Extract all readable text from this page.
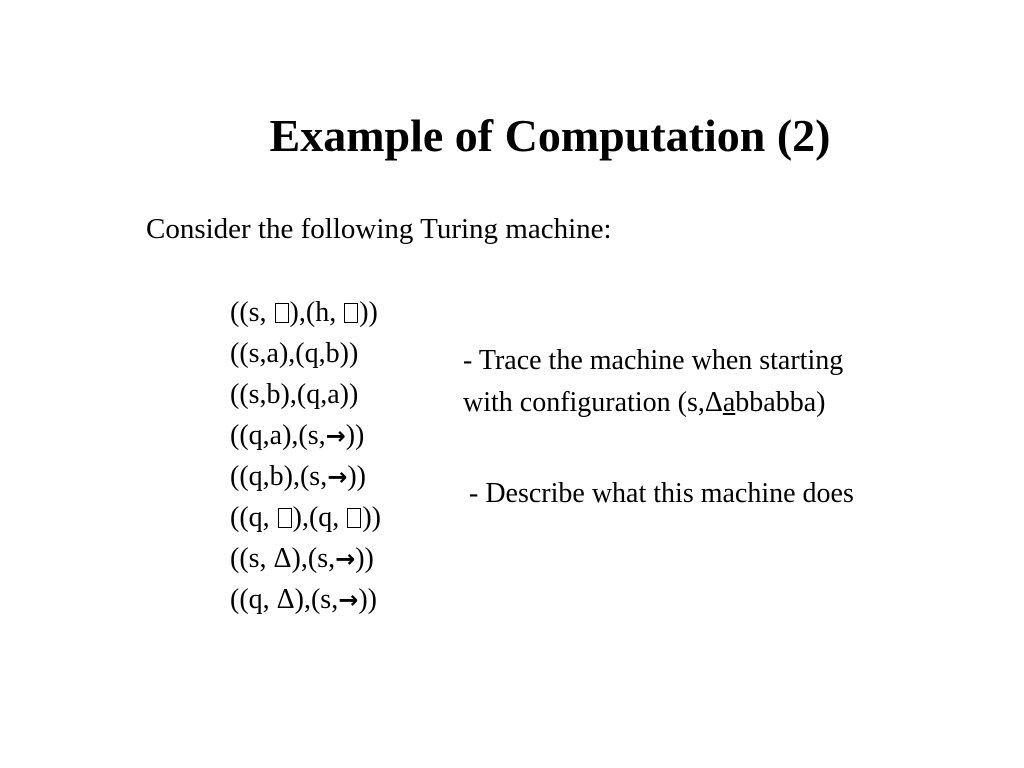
Example of Computation (2)
Consider the following Turing machine:
((s, ),(h, ))
((s,a),(q,b))
((s,b),(q,a))
((q,a),(s,→))
((q,b),(s,→))
((q, ),(q, ))
((s, Δ),(s,→))
((q, Δ),(s,→))
- Trace the machine when starting
with configuration (s,Δabbabba)
- Describe what this machine does
